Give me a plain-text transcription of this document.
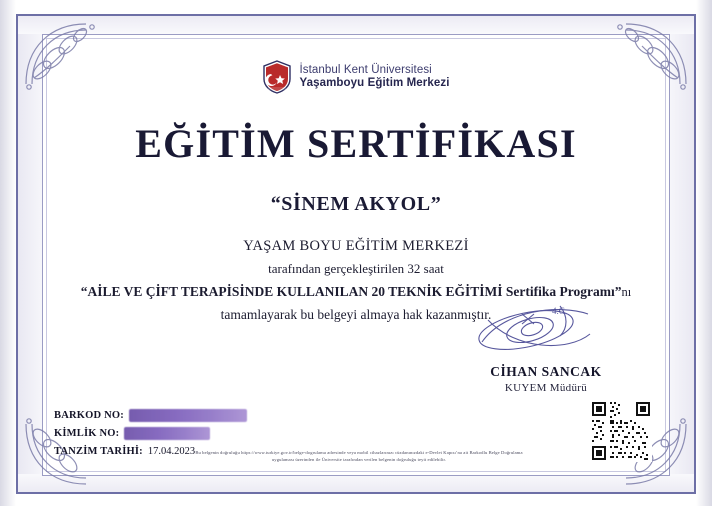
İstanbul Kent Üniversitesi
Yaşamboyu Eğitim Merkezi
EĞİTİM SERTİFİKASI
“SİNEM AKYOL”
YAŞAM BOYU EĞİTİM MERKEZİ
tarafından gerçekleştirilen 32 saat
“AİLE VE ÇİFT TERAPİSİNDE KULLANILAN 20 TEKNİK EĞİTİMİ Sertifika Programı”nı
tamamlayarak bu belgeyi almaya hak kazanmıştır.	4.C
CİHAN SANCAK
KUYEM Müdürü
BARKOD NO:
KİMLİK NO:
TANZİM TARİHİ: 17.04.2023 Bu belgenin doğruluğu https://www.turkiye.gov.tr/belge-dogrulama adresinde veya mobil cihazlarınızı cüzdanınızdaki e-Devlet Kapısı’na ait Barkodlu Belge Doğrulama uygulaması üzerinden ile Üniversite tarafından verilen belgenin doğruluğu teyit edilebilir.
